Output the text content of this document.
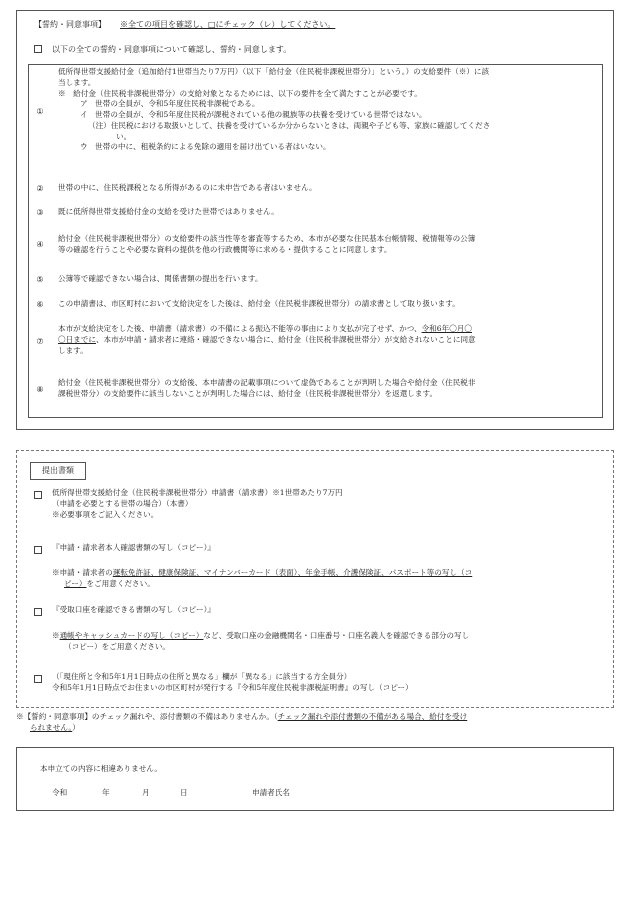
【誓約・同意事項】 ※全ての項目を確認し、□にチェック（レ）してください。
以下の全ての誓約・同意事項について確認し、誓約・同意します。
①
低所得世帯支援給付金（追加給付1世帯当たり7万円）（以下「給付金（住民税非課税世帯分）」という。）の支給要件（※）に該
当します。
※　給付金（住民税非課税世帯分）の支給対象となるためには、以下の要件を全て満たすことが必要です。
ア　世帯の全員が、令和5年度住民税非課税である。
イ　世帯の全員が、令和5年度住民税が課税されている他の親族等の扶養を受けている世帯ではない。
（注）住民税における取扱いとして、扶養を受けているか分からないときは、両親や子ども等、家族に確認してくださ
い。
ウ　世帯の中に、租税条約による免除の適用を届け出ている者はいない。
② 世帯の中に、住民税課税となる所得があるのに未申告である者はいません。
③ 既に低所得世帯支援給付金の支給を受けた世帯ではありません。
④
給付金（住民税非課税世帯分）の支給要件の該当性等を審査等するため、本市が必要な住民基本台帳情報、税情報等の公簿
等の確認を行うことや必要な資料の提供を他の行政機関等に求める・提供することに同意します。
⑤ 公簿等で確認できない場合は、関係書類の提出を行います。
⑥ この申請書は、市区町村において支給決定をした後は、給付金（住民税非課税世帯分）の請求書として取り扱います。
⑦
本市が支給決定をした後、申請書（請求書）の不備による振込不能等の事由により支払が完了せず、かつ、令和6年〇月〇
〇日までに、本市が申請・請求者に連絡・確認できない場合に、給付金（住民税非課税世帯分）が支給されないことに同意
します。
⑧
給付金（住民税非課税世帯分）の支給後、本申請書の記載事項について虚偽であることが判明した場合や給付金（住民税非
課税世帯分）の支給要件に該当しないことが判明した場合には、給付金（住民税非課税世帯分）を返還します。
提出書類
低所得世帯支援給付金（住民税非課税世帯分）申請書（請求書）※1世帯あたり7万円
（申請を必要とする世帯の場合）（本書）
※必要事項をご記入ください。
『申請・請求者本人確認書類の写し（コピー）』
※申請・請求者の運転免許証、健康保険証、マイナンバーカード（表面）、年金手帳、介護保険証、パスポート等の写し（コ
ピー）をご用意ください。
『受取口座を確認できる書類の写し（コピー）』
※通帳やキャッシュカードの写し（コピー）など、受取口座の金融機関名・口座番号・口座名義人を確認できる部分の写し
（コピー）をご用意ください。
（「現住所と令和5年1月1日時点の住所と異なる」欄が「異なる」に該当する方全員分）
令和5年1月1日時点でお住まいの市区町村が発行する『令和5年度住民税非課税証明書』の写し（コピー）
※【誓約・同意事項】のチェック漏れや、添付書類の不備はありませんか。（チェック漏れや添付書類の不備がある場合、給付を受け
られません。）
本申立ての内容に相違ありません。
令和	年	月	日	申請者氏名
